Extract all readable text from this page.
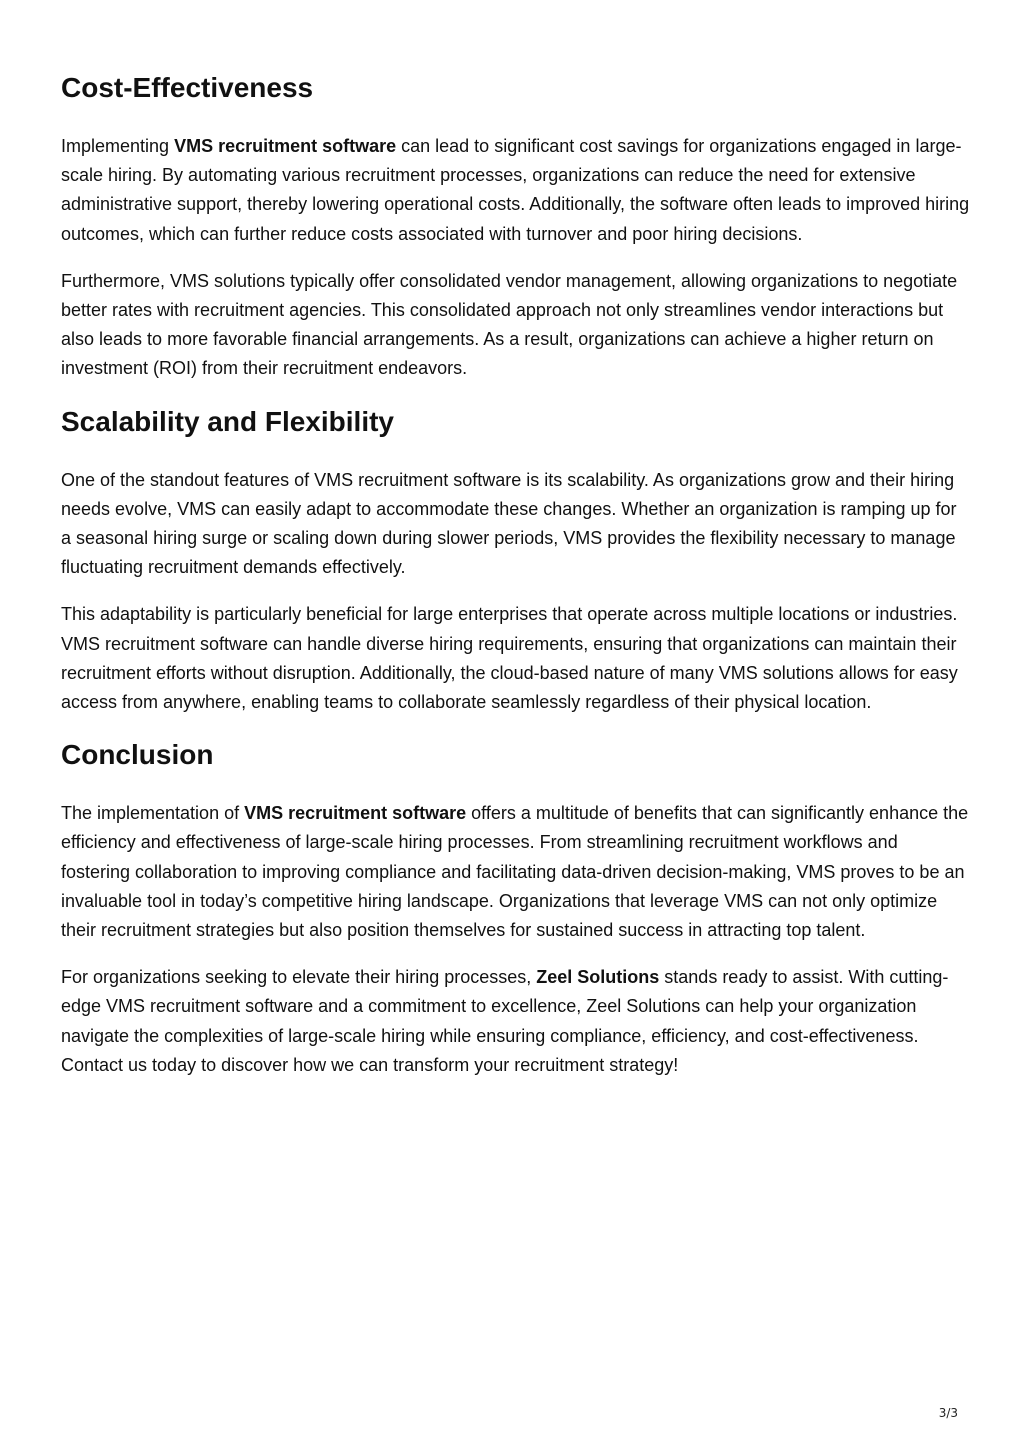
Cost-Effectiveness

Implementing VMS recruitment software can lead to significant cost savings for organizations engaged in large-scale hiring. By automating various recruitment processes, organizations can reduce the need for extensive administrative support, thereby lowering operational costs. Additionally, the software often leads to improved hiring outcomes, which can further reduce costs associated with turnover and poor hiring decisions.

Furthermore, VMS solutions typically offer consolidated vendor management, allowing organizations to negotiate better rates with recruitment agencies. This consolidated approach not only streamlines vendor interactions but also leads to more favorable financial arrangements. As a result, organizations can achieve a higher return on investment (ROI) from their recruitment endeavors.

Scalability and Flexibility

One of the standout features of VMS recruitment software is its scalability. As organizations grow and their hiring needs evolve, VMS can easily adapt to accommodate these changes. Whether an organization is ramping up for a seasonal hiring surge or scaling down during slower periods, VMS provides the flexibility necessary to manage fluctuating recruitment demands effectively.

This adaptability is particularly beneficial for large enterprises that operate across multiple locations or industries. VMS recruitment software can handle diverse hiring requirements, ensuring that organizations can maintain their recruitment efforts without disruption. Additionally, the cloud-based nature of many VMS solutions allows for easy access from anywhere, enabling teams to collaborate seamlessly regardless of their physical location.

Conclusion

The implementation of VMS recruitment software offers a multitude of benefits that can significantly enhance the efficiency and effectiveness of large-scale hiring processes. From streamlining recruitment workflows and fostering collaboration to improving compliance and facilitating data-driven decision-making, VMS proves to be an invaluable tool in today’s competitive hiring landscape. Organizations that leverage VMS can not only optimize their recruitment strategies but also position themselves for sustained success in attracting top talent.

For organizations seeking to elevate their hiring processes, Zeel Solutions stands ready to assist. With cutting-edge VMS recruitment software and a commitment to excellence, Zeel Solutions can help your organization navigate the complexities of large-scale hiring while ensuring compliance, efficiency, and cost-effectiveness. Contact us today to discover how we can transform your recruitment strategy!

3/3
